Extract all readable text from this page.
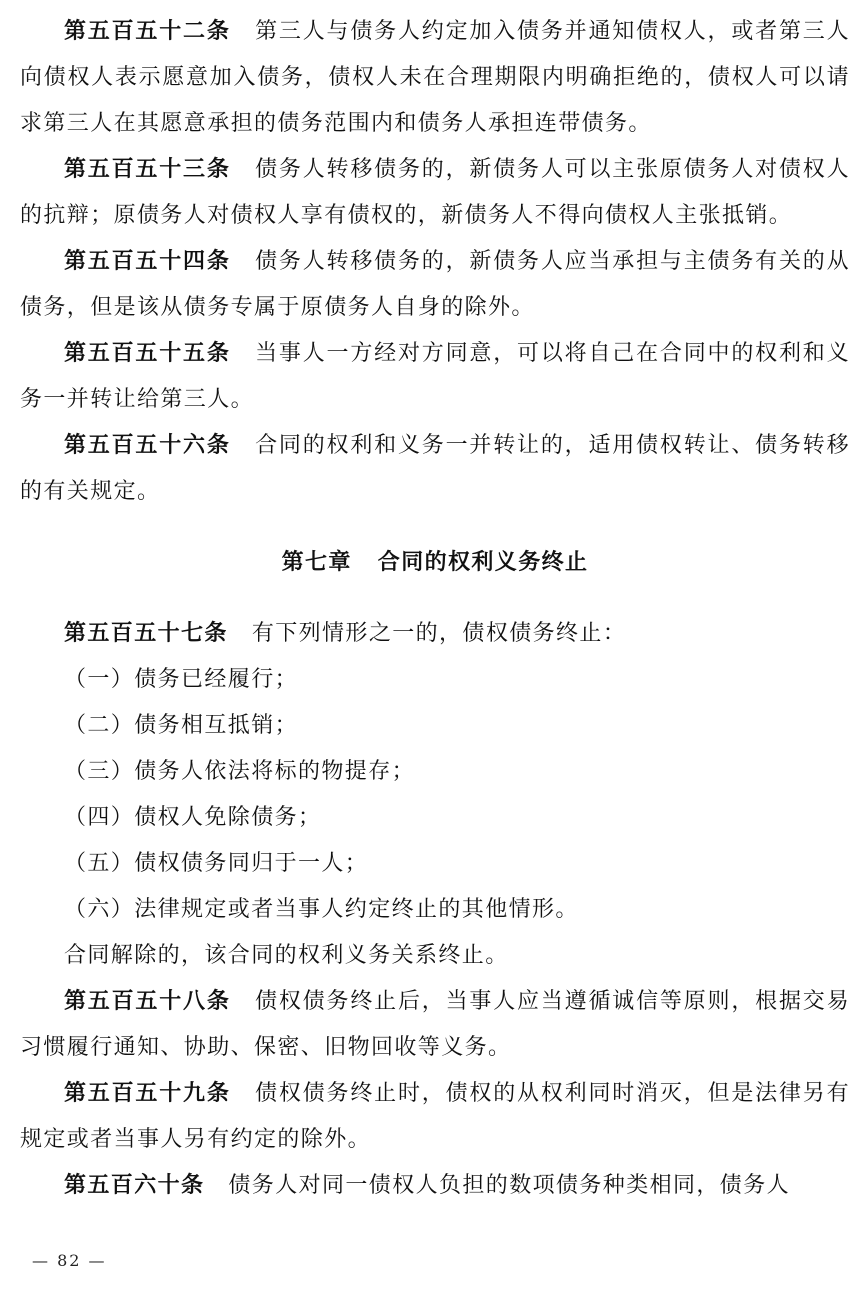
第五百五十二条 第三人与债务人约定加入债务并通知债权人，或者第三人向债权人表示愿意加入债务，债权人未在合理期限内明确拒绝的，债权人可以请求第三人在其愿意承担的债务范围内和债务人承担连带债务。

第五百五十三条 债务人转移债务的，新债务人可以主张原债务人对债权人的抗辩；原债务人对债权人享有债权的，新债务人不得向债权人主张抵销。

第五百五十四条 债务人转移债务的，新债务人应当承担与主债务有关的从债务，但是该从债务专属于原债务人自身的除外。

第五百五十五条 当事人一方经对方同意，可以将自己在合同中的权利和义务一并转让给第三人。

第五百五十六条 合同的权利和义务一并转让的，适用债权转让、债务转移的有关规定。

第七章 合同的权利义务终止

第五百五十七条 有下列情形之一的，债权债务终止：

（一）债务已经履行；

（二）债务相互抵销；

（三）债务人依法将标的物提存；

（四）债权人免除债务；

（五）债权债务同归于一人；

（六）法律规定或者当事人约定终止的其他情形。

合同解除的，该合同的权利义务关系终止。

第五百五十八条 债权债务终止后，当事人应当遵循诚信等原则，根据交易习惯履行通知、协助、保密、旧物回收等义务。

第五百五十九条 债权债务终止时，债权的从权利同时消灭，但是法律另有规定或者当事人另有约定的除外。

第五百六十条 债务人对同一债权人负担的数项债务种类相同，债务人

— 82 —
